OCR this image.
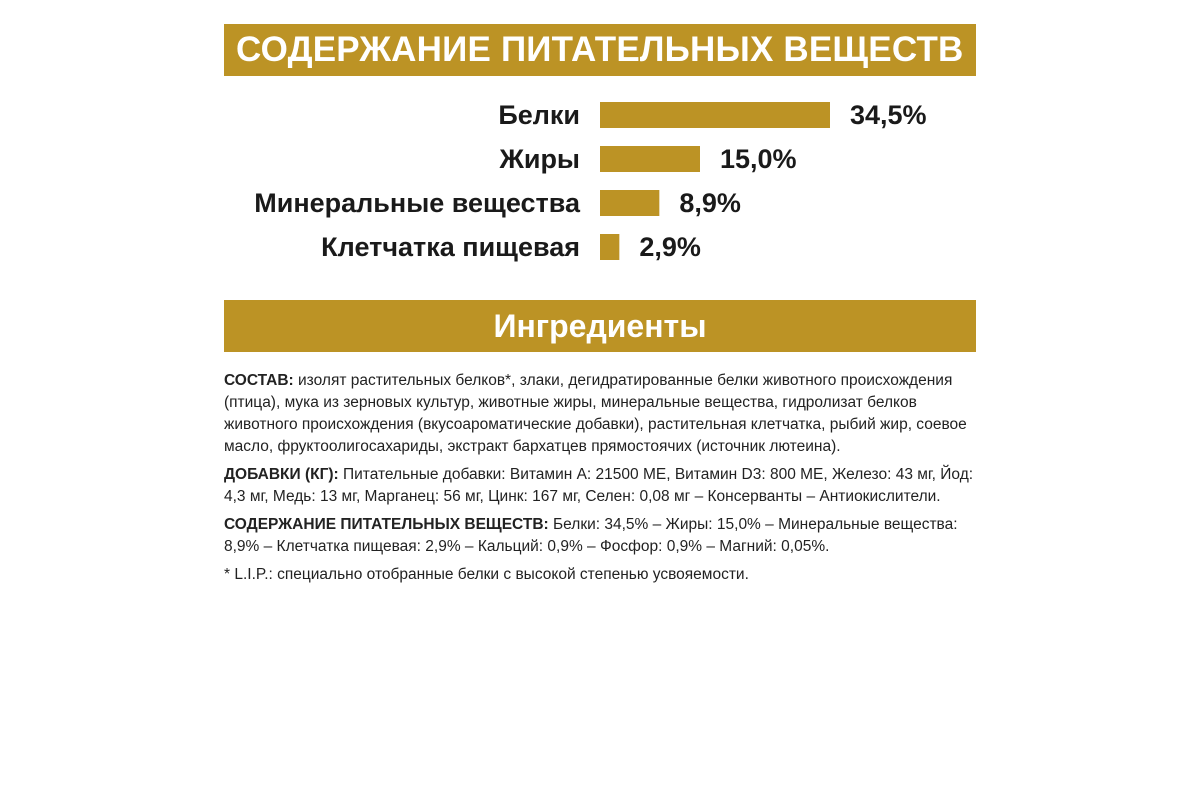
СОДЕРЖАНИЕ ПИТАТЕЛЬНЫХ ВЕЩЕСТВ
Белки	34,5%
Жиры	15,0%
Минеральные вещества	8,9%
Клетчатка пищевая 2,9%
Ингредиенты

СОСТАВ: изолят растительных белков*, злаки, дегидратированные белки животного происхождения (птица), мука из зерновых культур, животные жиры, минеральные вещества, гидролизат белков животного происхождения (вкусоароматические добавки), растительная клетчатка, рыбий жир, соевое масло, фруктоолигосахариды, экстракт бархатцев прямостоячих (источник лютеина).

ДОБАВКИ (КГ): Питательные добавки: Витамин А: 21500 МЕ, Витамин D3: 800 МЕ, Железо: 43 мг, Йод: 4,3 мг, Медь: 13 мг, Марганец: 56 мг, Цинк: 167 мг, Селен: 0,08 мг – Консерванты – Антиокислители.

СОДЕРЖАНИЕ ПИТАТЕЛЬНЫХ ВЕЩЕСТВ: Белки: 34,5% – Жиры: 15,0% – Минеральные вещества: 8,9% – Клетчатка пищевая: 2,9% – Кальций: 0,9% – Фосфор: 0,9% – Магний: 0,05%.

* L.I.P.: специально отобранные белки с высокой степенью усвояемости.
